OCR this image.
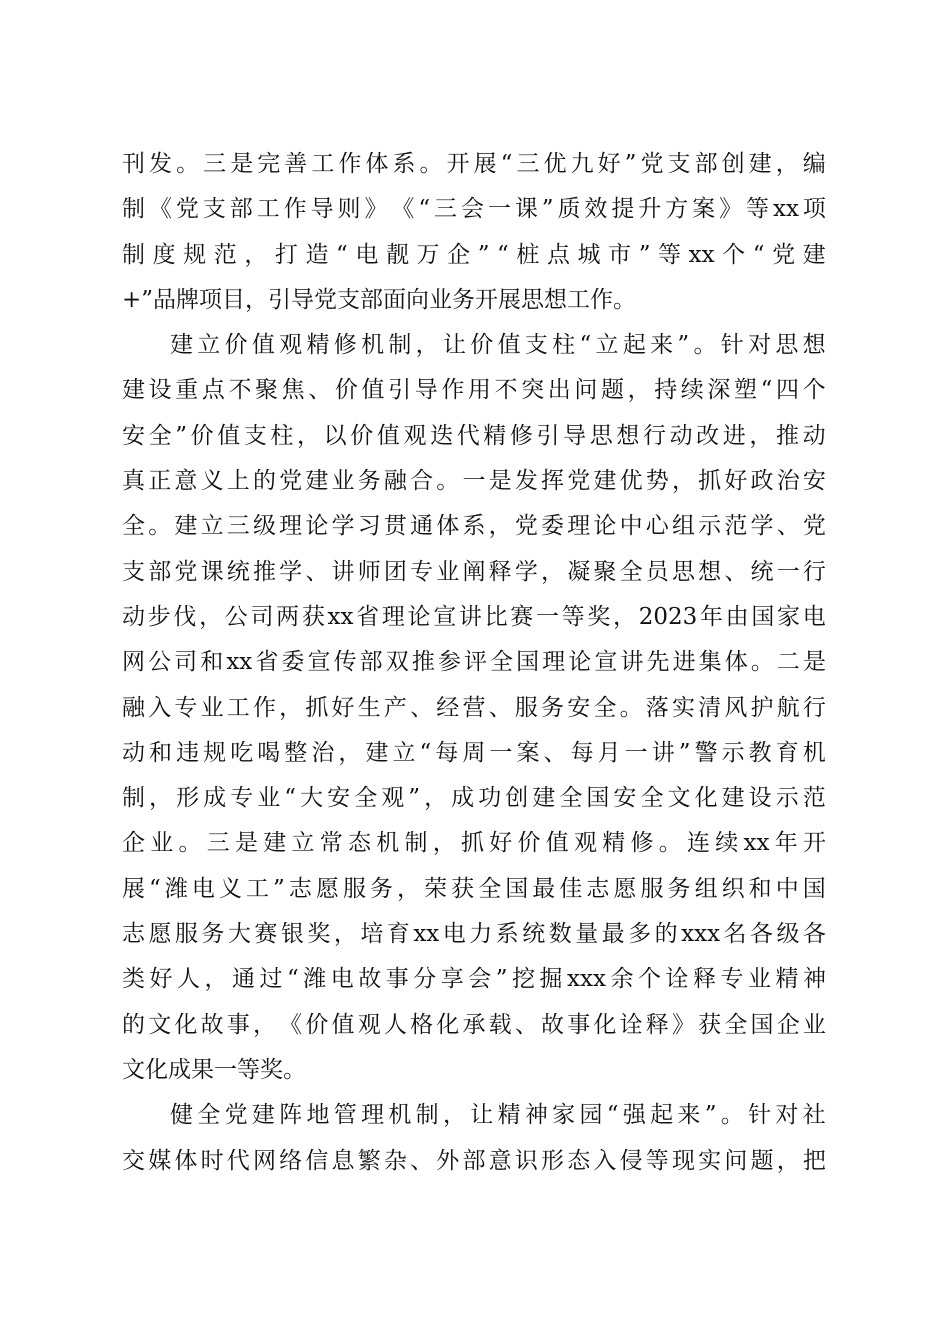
刊 发 。 三 是 完 善 工 作 体 系 。 开 展 “ 三 优 九 好 ” 党 支 部 创 建 ， 编
制 《 党 支 部 工 作 导 则 》 《 “ 三 会 一 课 ” 质 效 提 升 方 案 》 等 xx 项
制 度 规 范 ， 打 造 “ 电 靓 万 企 ” “ 桩 点 城 市 ” 等 xx 个 “ 党 建
+”品牌项目，引导党支部面向业务开展思想工作。
建 立 价 值 观 精 修 机 制 ， 让 价 值 支 柱 “ 立 起 来 ” 。 针 对 思 想
建 设 重 点 不 聚 焦 、 价 值 引 导 作 用 不 突 出 问 题 ， 持 续 深 塑 “ 四 个
安 全 ” 价 值 支 柱 ， 以 价 值 观 迭 代 精 修 引 导 思 想 行 动 改 进 ， 推 动
真 正 意 义 上 的 党 建 业 务 融 合 。 一 是 发 挥 党 建 优 势 ， 抓 好 政 治 安
全 。 建 立 三 级 理 论 学 习 贯 通 体 系 ， 党 委 理 论 中 心 组 示 范 学 、 党
支 部 党 课 统 推 学 、 讲 师 团 专 业 阐 释 学 ， 凝 聚 全 员 思 想 、 统 一 行
动 步 伐 ， 公 司 两 获 xx 省 理 论 宣 讲 比 赛 一 等 奖 ， 2023 年 由 国 家 电
网 公 司 和 xx 省 委 宣 传 部 双 推 参 评 全 国 理 论 宣 讲 先 进 集 体 。 二 是
融 入 专 业 工 作 ， 抓 好 生 产 、 经 营 、 服 务 安 全 。 落 实 清 风 护 航 行
动 和 违 规 吃 喝 整 治 ， 建 立 “ 每 周 一 案 、 每 月 一 讲 ” 警 示 教 育 机
制 ， 形 成 专 业 “ 大 安 全 观 ” ， 成 功 创 建 全 国 安 全 文 化 建 设 示 范
企 业 。 三 是 建 立 常 态 机 制 ， 抓 好 价 值 观 精 修 。 连 续 xx 年 开
展 “ 潍 电 义 工 ” 志 愿 服 务 ， 荣 获 全 国 最 佳 志 愿 服 务 组 织 和 中 国
志 愿 服 务 大 赛 银 奖 ， 培 育 xx 电 力 系 统 数 量 最 多 的 xxx 名 各 级 各
类 好 人 ， 通 过 “ 潍 电 故 事 分 享 会 ” 挖 掘 xxx 余 个 诠 释 专 业 精 神
的 文 化 故 事 ， 《 价 值 观 人 格 化 承 载 、 故 事 化 诠 释 》 获 全 国 企 业
文化成果一等奖。
健 全 党 建 阵 地 管 理 机 制 ， 让 精 神 家 园 “ 强 起 来 ” 。 针 对 社
交 媒 体 时 代 网 络 信 息 繁 杂 、 外 部 意 识 形 态 入 侵 等 现 实 问 题 ， 把
